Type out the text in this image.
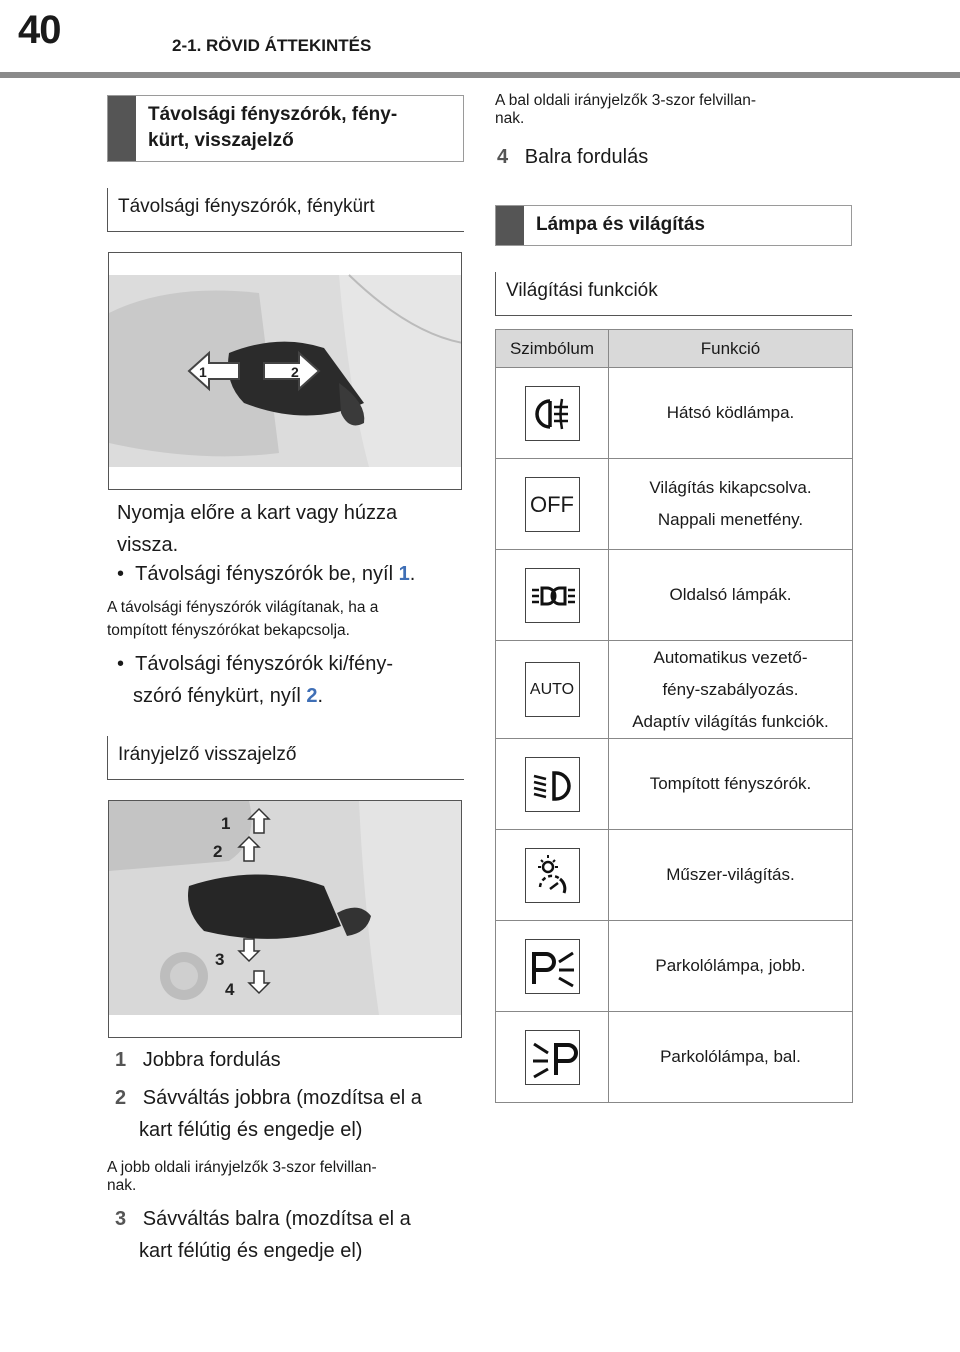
40	2-1. RÖVID ÁTTEKINTÉS
Távolsági fényszórók, fény-
kürt, visszajelző
Távolsági fényszórók, fénykürt
1	2
Nyomja előre a kart vagy húzza
vissza.
•  Távolsági fényszórók be, nyíl 1.
A távolsági fényszórók világítanak, ha a
tompított fényszórókat bekapcsolja.
•  Távolsági fényszórók ki/fény-
szóró fénykürt, nyíl 2.
Irányjelző visszajelző
1
2
3
4
1 Jobbra fordulás
2 Sávváltás jobbra (mozdítsa el a
kart félútig és engedje el)
A jobb oldali irányjelzők 3-szor felvillan-
nak.
3 Sávváltás balra (mozdítsa el a
kart félútig és engedje el)
A bal oldali irányjelzők 3-szor felvillan-
nak.
4 Balra fordulás
Lámpa és világítás
Világítási funkciók
Szimbólum	Funkció

Hátsó ködlámpa.

OFF	Világítás kikapcsolva.
Nappali menetfény.

Oldalsó lámpák.

AUTO	Automatikus vezető-
fény-szabályozás.
Adaptív világítás funkciók.

Tompított fényszórók.

Műszer-világítás.

Parkolólámpa, jobb.

Parkolólámpa, bal.
